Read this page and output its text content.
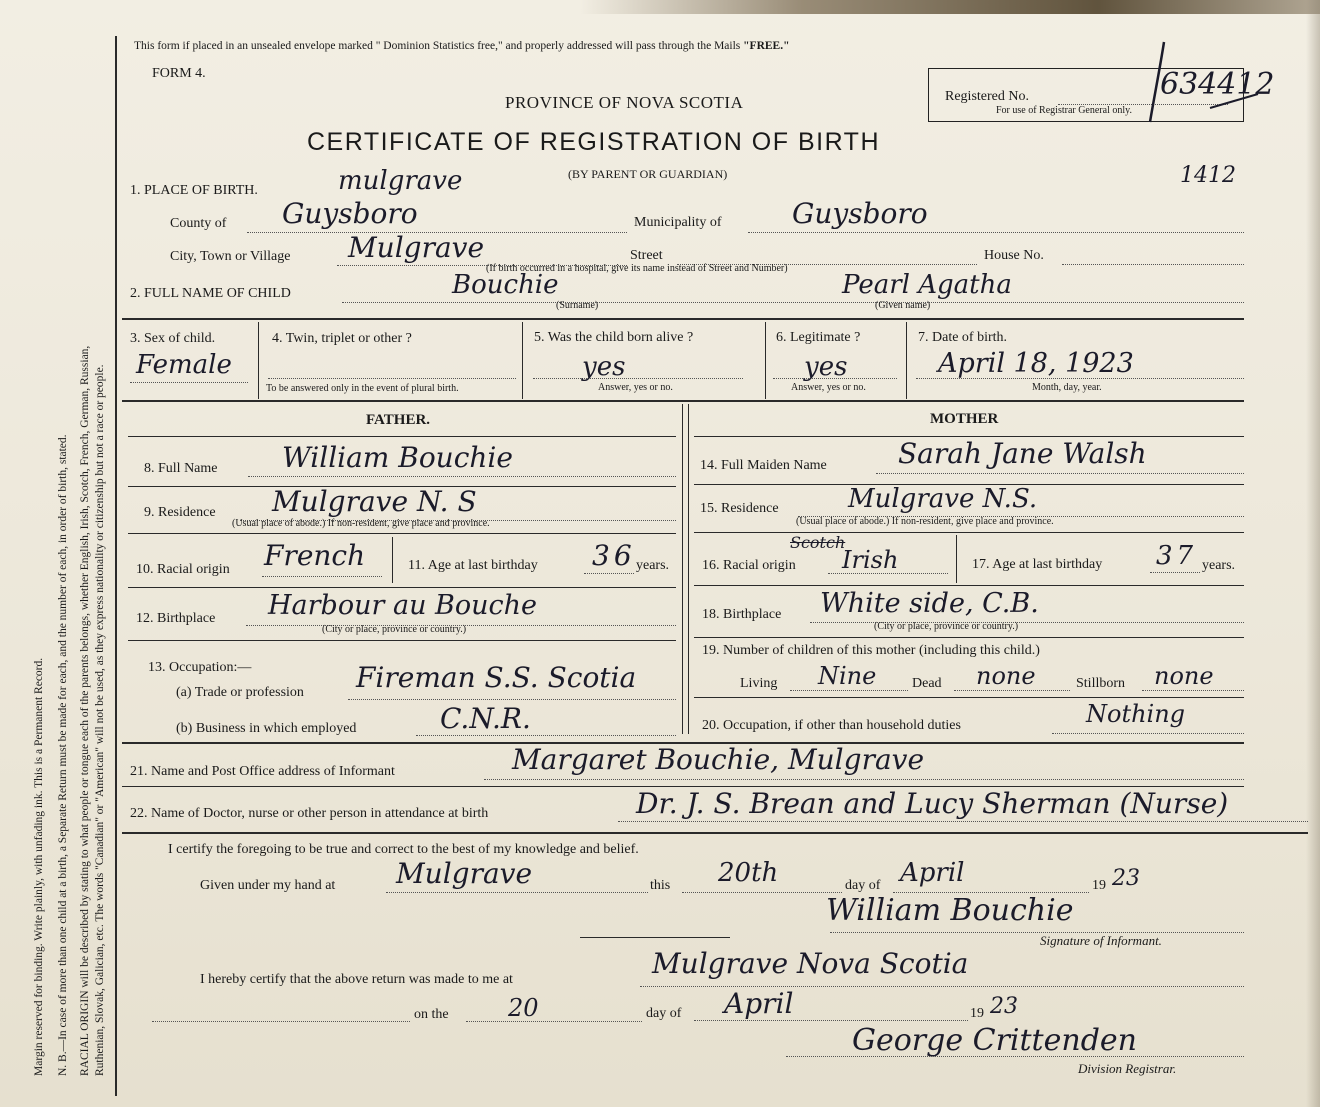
Margin reserved for binding. Write plainly, with unfading ink. This is a Permanent Record. N. B.—In case of more than one child at a birth, a Separate Return must be made for each, and the number of each, in order of birth, stated. RACIAL ORIGIN will be described by stating to what people or tongue each of the parents belongs, whether English, Irish, Scotch, French, German, Russian, Ruthenian, Slovak, Galician, etc. The words "Canadian" or "American" will not be used, as they express nationality or citizenship but not a race or people.
This form if placed in an unsealed envelope marked " Dominion Statistics free," and properly addressed will pass through the Mails "FREE."
FORM 4.
PROVINCE OF NOVA SCOTIA
CERTIFICATE OF REGISTRATION OF BIRTH
(BY PARENT OR GUARDIAN)
Registered No.	634412
For use of Registrar General only.
1412
1. PLACE OF BIRTH.	mulgrave
County of Guysboro	Municipality of	Guysboro
City, Town or Village Mulgrave	Street	House No.
(If birth occurred in a hospital, give its name instead of Street and Number)
2. FULL NAME OF CHILD	Bouchie	Pearl Agatha
(Surname)	(Given name)
3. Sex of child.
Female
4. Twin, triplet or other ?
To be answered only in the event of plural birth.
5. Was the child born alive ?
yes
Answer, yes or no.
6. Legitimate ?
yes
Answer, yes or no.
7. Date of birth.
April 18, 1923
Month, day, year.
FATHER.	MOTHER
8. Full Name William Bouchie	14. Full Maiden Name	Sarah Jane Walsh
9. Residence Mulgrave N. S
(Usual place of abode.) If non-resident, give place and province.
15. Residence	Mulgrave N.S.
(Usual place of abode.) If non-resident, give place and province.
10. Racial origin French	11. Age at last birthday 36 years. 16. Racial origin
Scotch
Irish	17. Age at last birthday 37 years.
12. Birthplace Harbour au Bouche
(City or place, province or country.)
18. Birthplace White side, C.B.
(City or place, province or country.)
13. Occupation:—
(a) Trade or profession Fireman S.S. Scotia
(b) Business in which employed	C.N.R.
19. Number of children of this mother (including this child.)
Living Nine	Dead none	Stillborn none
20. Occupation, if other than household duties	Nothing
21. Name and Post Office address of Informant	Margaret Bouchie, Mulgrave
22. Name of Doctor, nurse or other person in attendance at birth	Dr. J. S. Brean and Lucy Sherman (Nurse)
I certify the foregoing to be true and correct to the best of my knowledge and belief.
Given under my hand at Mulgrave	this 20th	day of April	19 23
William Bouchie
Signature of Informant.
I hereby certify that the above return was made to me at	Mulgrave Nova Scotia
on the 20	day of April	19 23
George Crittenden
Division Registrar.
